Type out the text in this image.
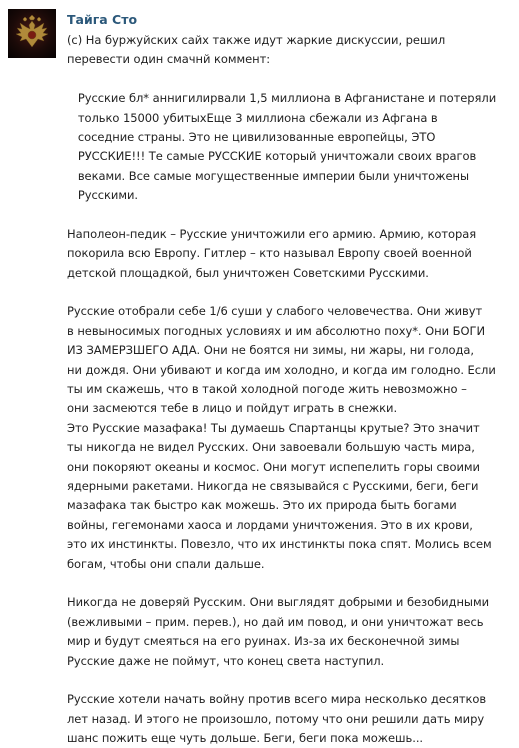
Тайга Сто
(с) На буржуйских сайх также идут жаркие дискуссии, решил
перевести один смачнй коммент:
Русские бл* аннигилирвали 1,5 миллиона в Афганистане и потеряли
только 15000 убитыхЕще 3 миллиона сбежали из Афгана в
соседние страны. Это не цивилизованные европейцы, ЭТО
РУССКИЕ!!! Те самые РУССКИЕ который уничтожали своих врагов
веками. Все самые могущественные империи были уничтожены
Русскими.
Наполеон-педик – Русские уничтожили его армию. Армию, которая
покорила всю Европу. Гитлер – кто называл Европу своей военной
детской площадкой, был уничтожен Советскими Русскими.
Русские отобрали себе 1/6 суши у слабого человечества. Они живут
в невыносимых погодных условиях и им абсолютно поху*. Они БОГИ
ИЗ ЗАМЕРЗШЕГО АДА. Они не боятся ни зимы, ни жары, ни голода,
ни дождя. Они убивают и когда им холодно, и когда им голодно. Если
ты им скажешь, что в такой холодной погоде жить невозможно –
они засмеются тебе в лицо и пойдут играть в снежки.
Это Русские мазафака! Ты думаешь Спартанцы крутые? Это значит
ты никогда не видел Русских. Они завоевали большую часть мира,
они покоряют океаны и космос. Они могут испепелить горы своими
ядерными ракетами. Никогда не связывайся с Русскими, беги, беги
мазафака так быстро как можешь. Это их природа быть богами
войны, гегемонами хаоса и лордами уничтожения. Это в их крови,
это их инстинкты. Повезло, что их инстинкты пока спят. Молись всем
богам, чтобы они спали дальше.
Никогда не доверяй Русским. Они выглядят добрыми и безобидными
(вежливыми – прим. перев.), но дай им повод, и они уничтожат весь
мир и будут смеяться на его руинах. Из-за их бесконечной зимы
Русские даже не поймут, что конец света наступил.
Русские хотели начать войну против всего мира несколько десятков
лет назад. И этого не произошло, потому что они решили дать миру
шанс пожить еще чуть дольше. Беги, беги пока можешь...
